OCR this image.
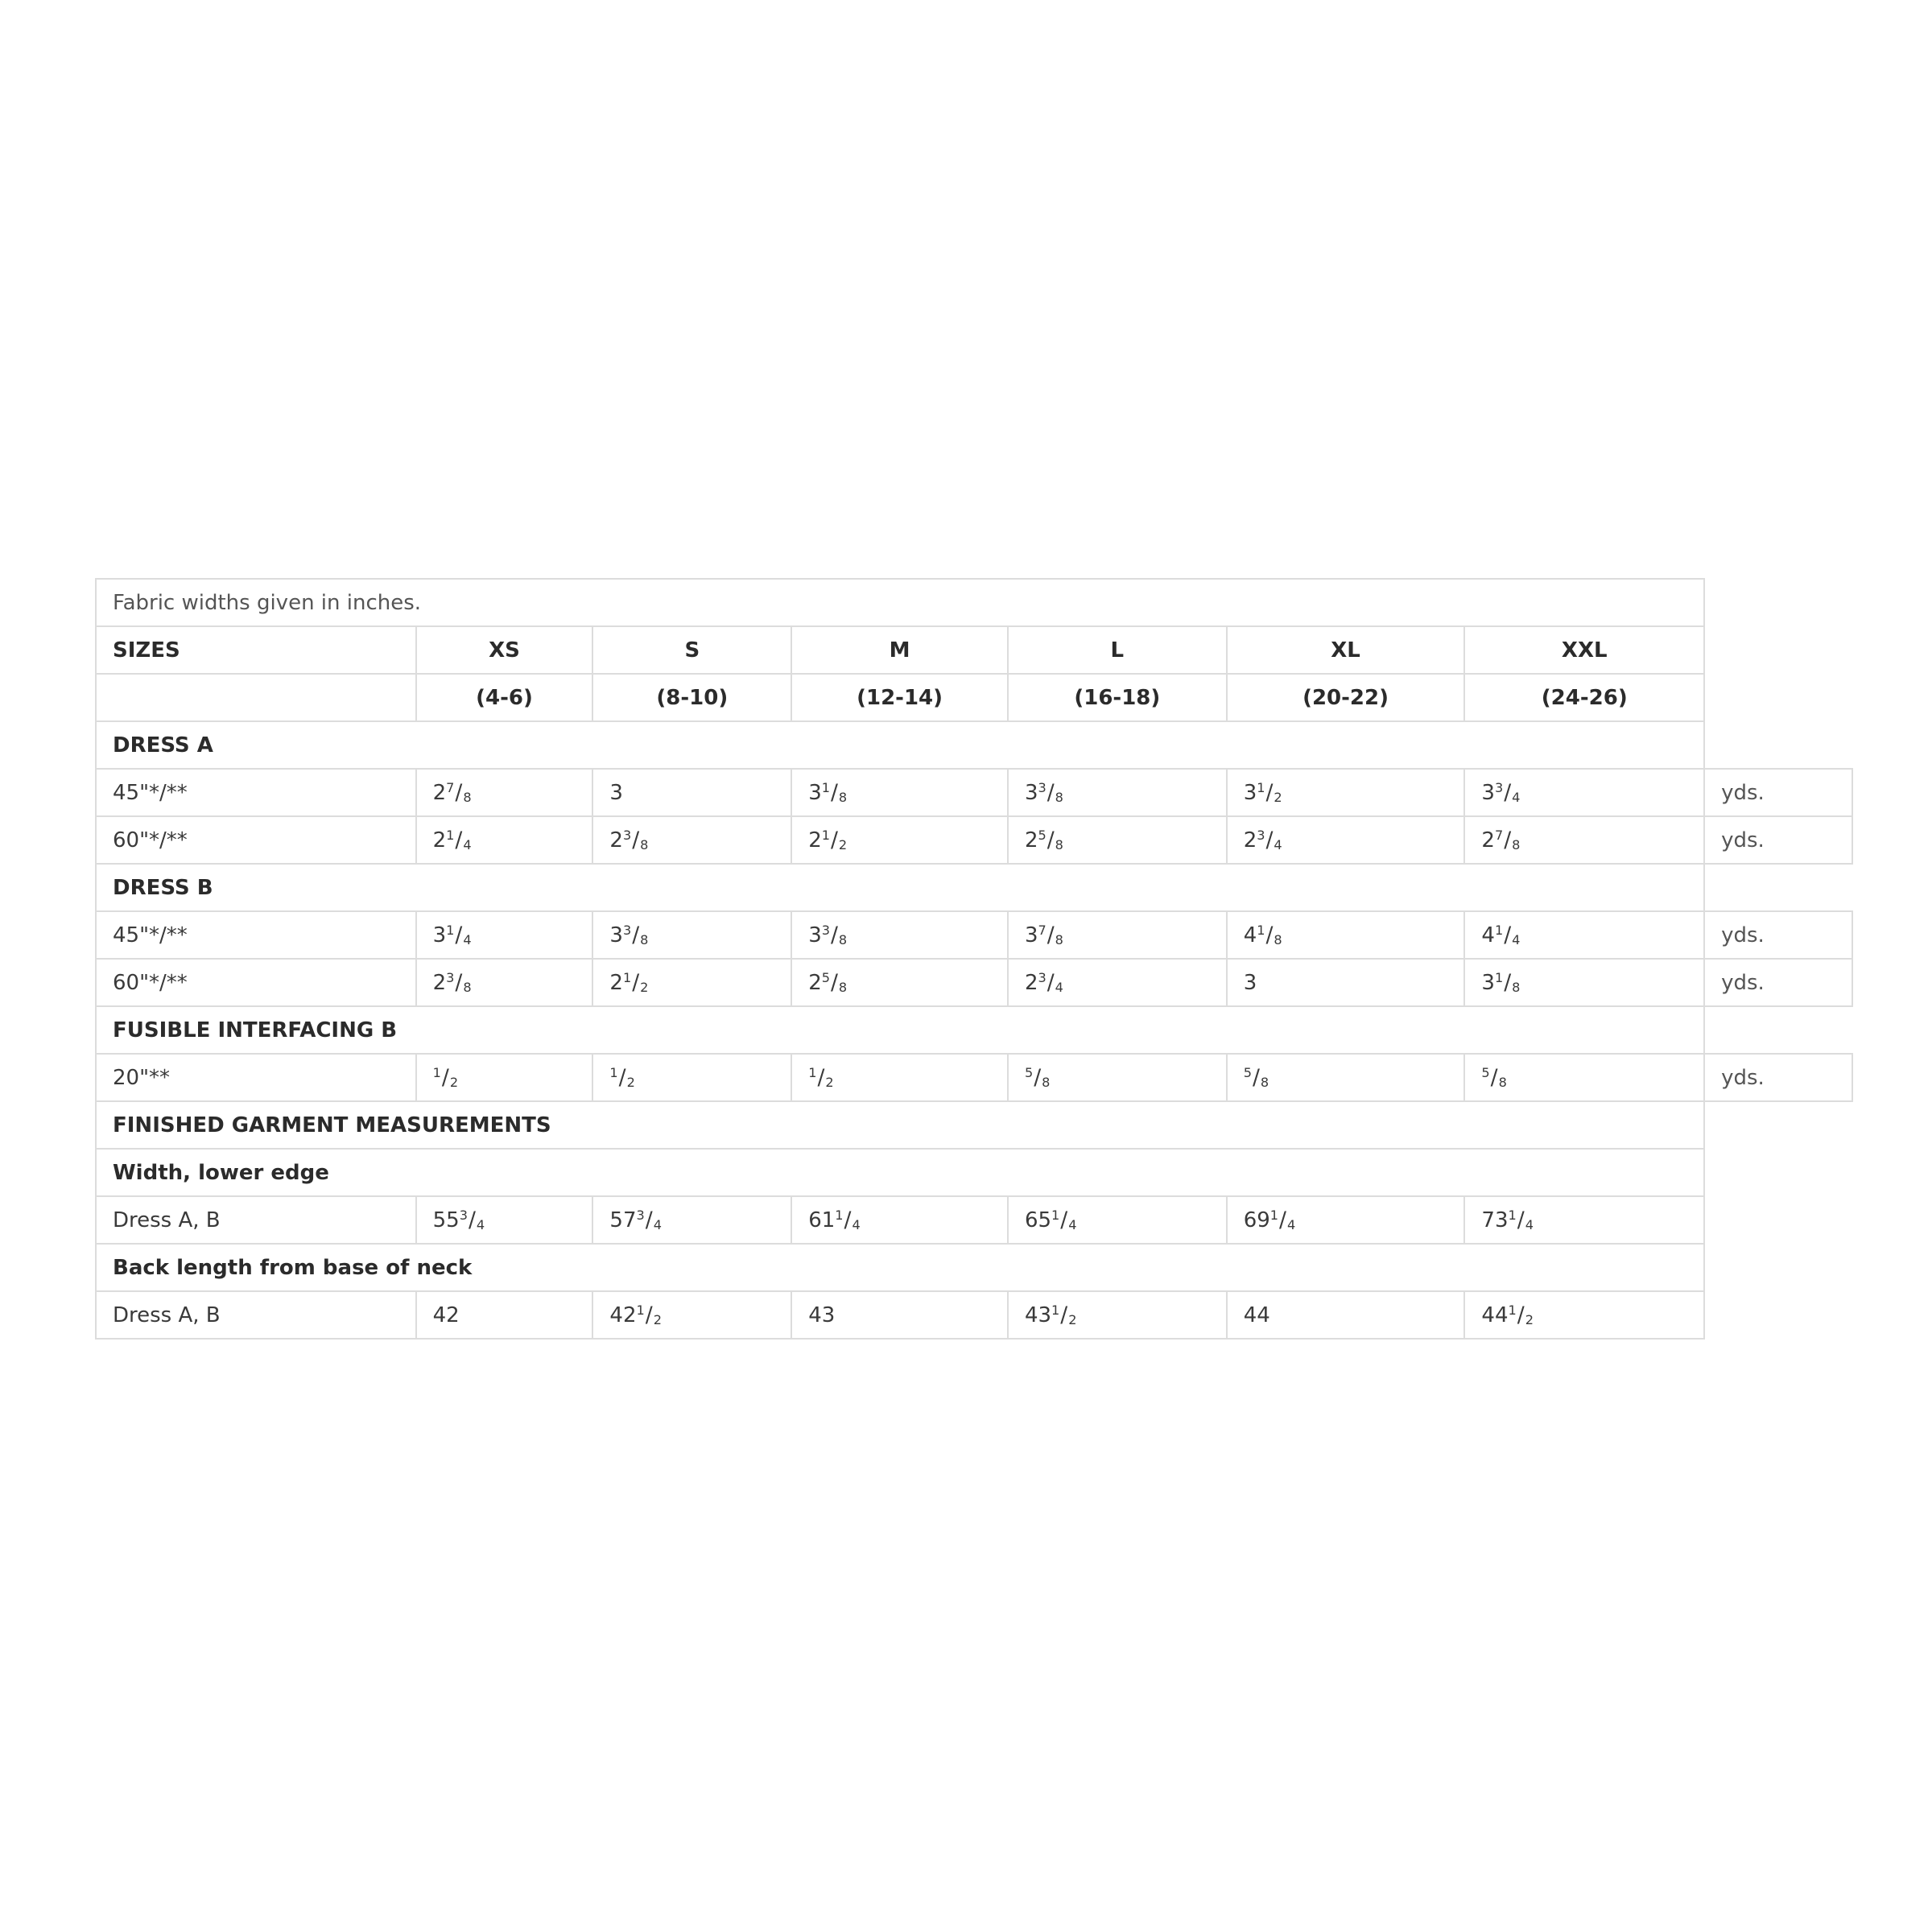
Fabric widths given in inches.							
SIZES	XS	S	M	L	XL	XXL	
	(4-6)	(8-10)	(12-14)	(16-18)	(20-22)	(24-26)	
DRESS A							
45"*/**	$2^7/_8$	3	$3^1/_8$	$3^3/_8$	$3^1/_2$	$3^3/_4$	yds.
60"*/**	$2^1/_4$	$2^3/_8$	$2^1/_2$	$2^5/_8$	$2^3/_4$	$2^7/_8$	yds.
DRESS B							
45"*/**	$3^1/_4$	$3^3/_8$	$3^3/_8$	$3^7/_8$	$4^1/_8$	$4^1/_4$	yds.
60"*/**	$2^3/_8$	$2^1/_2$	$2^5/_8$	$2^3/_4$	3	$3^1/_8$	yds.
FUSIBLE INTERFACING B							
20"**	$^1/_2$	$^1/_2$	$^1/_2$	$^5/_8$	$^5/_8$	$^5/_8$	yds.
FINISHED GARMENT MEASUREMENTS							
Width, lower edge							
Dress A, B	$55^3/_4$	$57^3/_4$	$61^1/_4$	$65^1/_4$	$69^1/_4$	$73^1/_4$	
Back length from base of neck							
Dress A, B	42	$42^1/_2$	43	$43^1/_2$	44	$44^1/_2$	
